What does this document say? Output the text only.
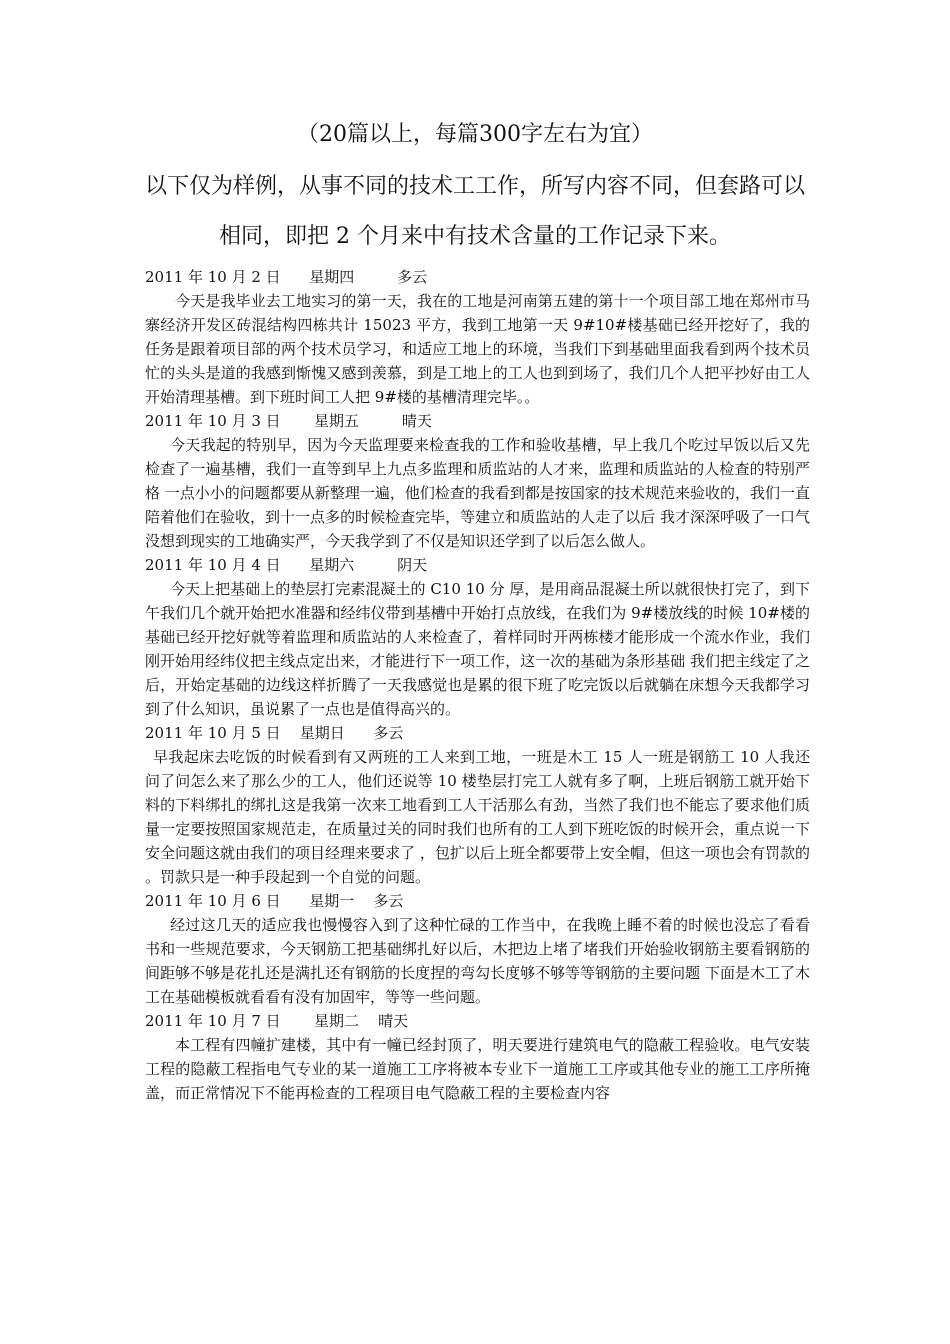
（20篇以上，每篇300字左右为宜）
以下仅为样例，从事不同的技术工工作，所写内容不同，但套路可以
相同，即把 2 个月来中有技术含量的工作记录下来。
2011 年 10 月 2 日      星期四         多云
今天是我毕业去工地实习的第一天，我在的工地是河南第五建的第十一个项目部工地在郑州市马寨经济开发区砖混结构四栋共计 15023 平方，我到工地第一天 9#10#楼基础已经开挖好了，我的任务是跟着项目部的两个技术员学习，和适应工地上的环境，当我们下到基础里面我看到两个技术员忙的头头是道的我感到惭愧又感到羡慕，到是工地上的工人也到到场了，我们几个人把平抄好由工人开始清理基槽。到下班时间工人把 9#楼的基槽清理完毕。。
2011 年 10 月 3 日       星期五         晴天
今天我起的特别早，因为今天监理要来检查我的工作和验收基槽，早上我几个吃过早饭以后又先检查了一遍基槽，我们一直等到早上九点多监理和质监站的人才来，监理和质监站的人检查的特别严格 一点小小的问题都要从新整理一遍，他们检查的我看到都是按国家的技术规范来验收的，我们一直陪着他们在验收，到十一点多的时候检查完毕，等建立和质监站的人走了以后 我才深深呼吸了一口气没想到现实的工地确实严，今天我学到了不仅是知识还学到了以后怎么做人。
2011 年 10 月 4 日      星期六         阴天
今天上把基础上的垫层打完素混凝土的 C10 10 分 厚，是用商品混凝土所以就很快打完了，到下午我们几个就开始把水准器和经纬仪带到基槽中开始打点放线，在我们为 9#楼放线的时候 10#楼的基础已经开挖好就等着监理和质监站的人来检查了，着样同时开两栋楼才能形成一个流水作业，我们刚开始用经纬仪把主线点定出来，才能进行下一项工作，这一次的基础为条形基础 我们把主线定了之后，开始定基础的边线这样折腾了一天我感觉也是累的很下班了吃完饭以后就躺在床想今天我都学习到了什么知识，虽说累了一点也是值得高兴的。
2011 年 10 月 5 日    星期日      多云
早我起床去吃饭的时候看到有又两班的工人来到工地，一班是木工 15 人一班是钢筋工 10 人我还问了问怎么来了那么少的工人，他们还说等 10 楼垫层打完工人就有多了啊，上班后钢筋工就开始下料的下料绑扎的绑扎这是我第一次来工地看到工人干活那么有劲，当然了我们也不能忘了要求他们质量一定要按照国家规范走，在质量过关的同时我们也所有的工人到下班吃饭的时候开会，重点说一下安全问题这就由我们的项目经理来要求了 ，包扩以后上班全都要带上安全帽，但这一项也会有罚款的 。罚款只是一种手段起到一个自觉的问题。
2011 年 10 月 6 日      星期一    多云
经过这几天的适应我也慢慢容入到了这种忙碌的工作当中，在我晚上睡不着的时候也没忘了看看书和一些规范要求，今天钢筋工把基础绑扎好以后，木把边上堵了堵我们开始验收钢筋主要看钢筋的间距够不够是花扎还是满扎还有钢筋的长度捏的弯勾长度够不够等等钢筋的主要问题 下面是木工了木工在基础模板就看看有没有加固牢，等等一些问题。
2011 年 10 月 7 日       星期二    晴天
本工程有四幢扩建楼，其中有一幢已经封顶了，明天要进行建筑电气的隐蔽工程验收。电气安装工程的隐蔽工程指电气专业的某一道施工工序将被本专业下一道施工工序或其他专业的施工工序所掩盖，而正常情况下不能再检查的工程项目电气隐蔽工程的主要检查内容
